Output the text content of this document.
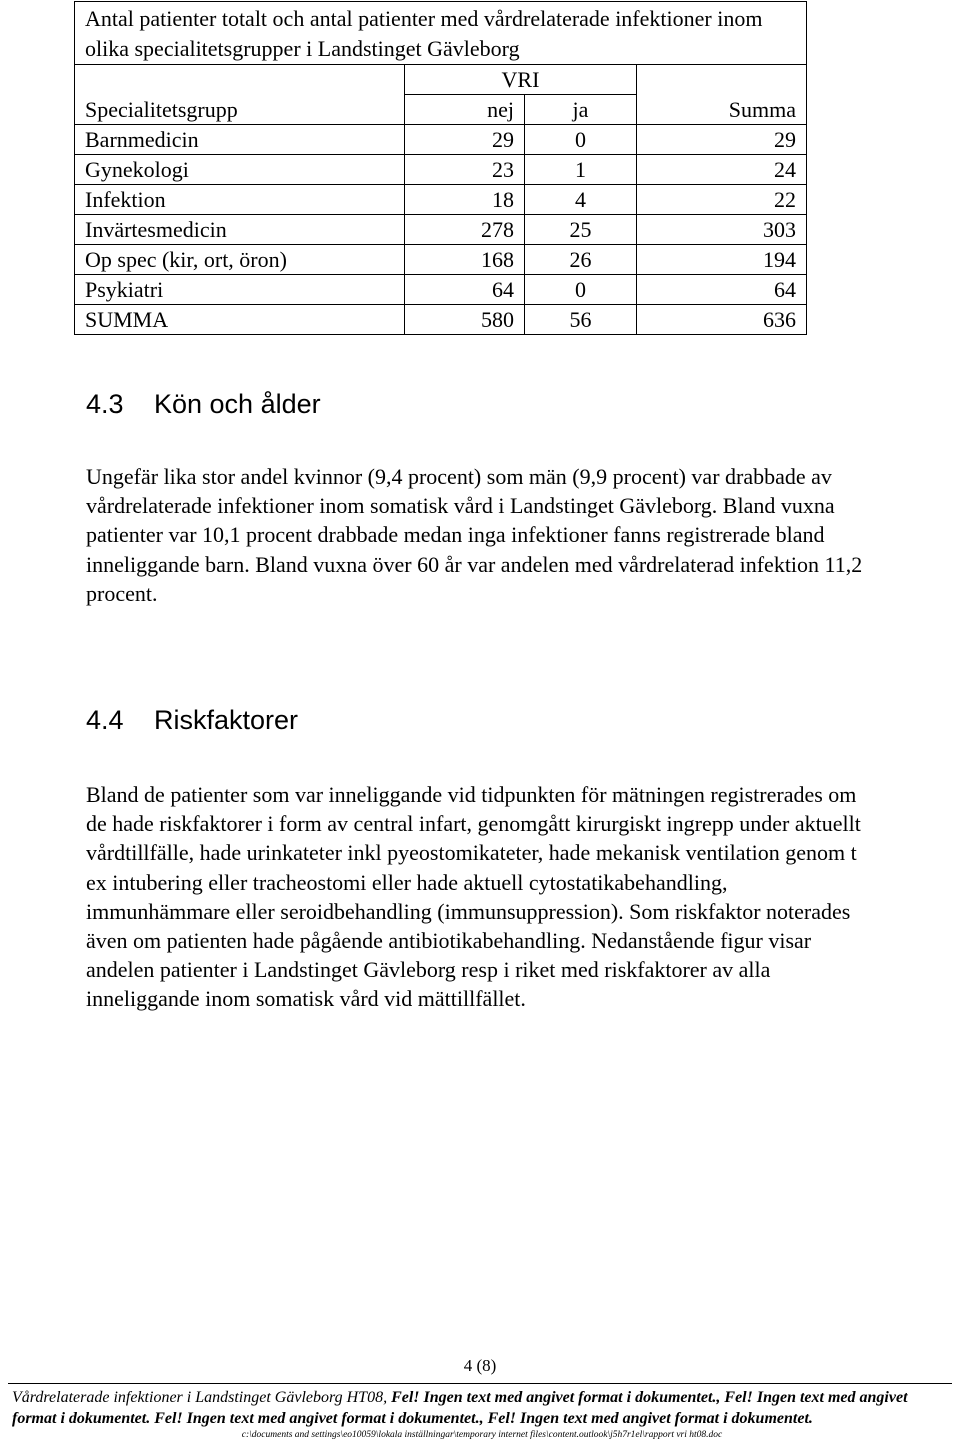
Antal patienter totalt och antal patienter med vårdrelaterade infektioner inom olika specialitetsgrupper i Landstinget Gävleborg			
	VRI		
Specialitetsgrupp	nej	ja	Summa
Barnmedicin	29	0	29
Gynekologi	23	1	24
Infektion	18	4	22
Invärtesmedicin	278	25	303
Op spec (kir, ort, öron)	168	26	194
Psykiatri	64	0	64
SUMMA	580	56	636
4.3 Kön och ålder

Ungefär lika stor andel kvinnor (9,4 procent) som män (9,9 procent) var drabbade av vårdrelaterade infektioner inom somatisk vård i Landstinget Gävleborg. Bland vuxna patienter var 10,1 procent drabbade medan inga infektioner fanns registrerade bland inneliggande barn. Bland vuxna över 60 år var andelen med vårdrelaterad infektion 11,2 procent.

4.4 Riskfaktorer

Bland de patienter som var inneliggande vid tidpunkten för mätningen registrerades om de hade riskfaktorer i form av central infart, genomgått kirurgiskt ingrepp under aktuellt vårdtillfälle, hade urinkateter inkl pyeostomikateter, hade mekanisk ventilation genom t ex intubering eller tracheostomi eller hade aktuell cytostatikabehandling, immunhämmare eller seroidbehandling (immunsuppression). Som riskfaktor noterades även om patienten hade pågående antibiotikabehandling. Nedanstående figur visar andelen patienter i Landstinget Gävleborg resp i riket med riskfaktorer av alla inneliggande inom somatisk vård vid mättillfället.

4 (8)
Vårdrelaterade infektioner i Landstinget Gävleborg HT08, Fel! Ingen text med angivet format i dokumentet., Fel! Ingen text med angivet format i dokumentet. Fel! Ingen text med angivet format i dokumentet., Fel! Ingen text med angivet format i dokumentet.
c:\documents and settings\eo10059\lokala inställningar\temporary internet files\content.outlook\j5h7r1el\rapport vri ht08.doc
